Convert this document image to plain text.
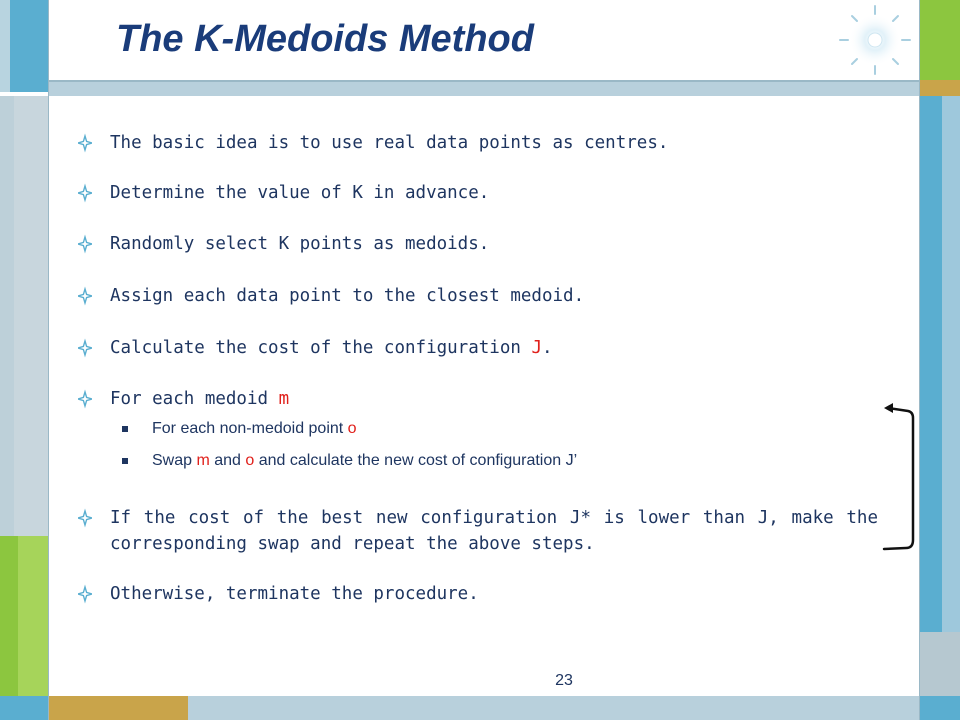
The K-Medoids Method
The basic idea is to use real data points as centres.
Determine the value of K in advance.
Randomly select K points as medoids.
Assign each data point to the closest medoid.
Calculate the cost of the configuration J.
For each medoid m
For each non-medoid point o
Swap m and o and calculate the new cost of configuration J’
If the cost of the best new configuration J* is lower than J, make the corresponding swap and repeat the above steps.
Otherwise, terminate the procedure.
23
